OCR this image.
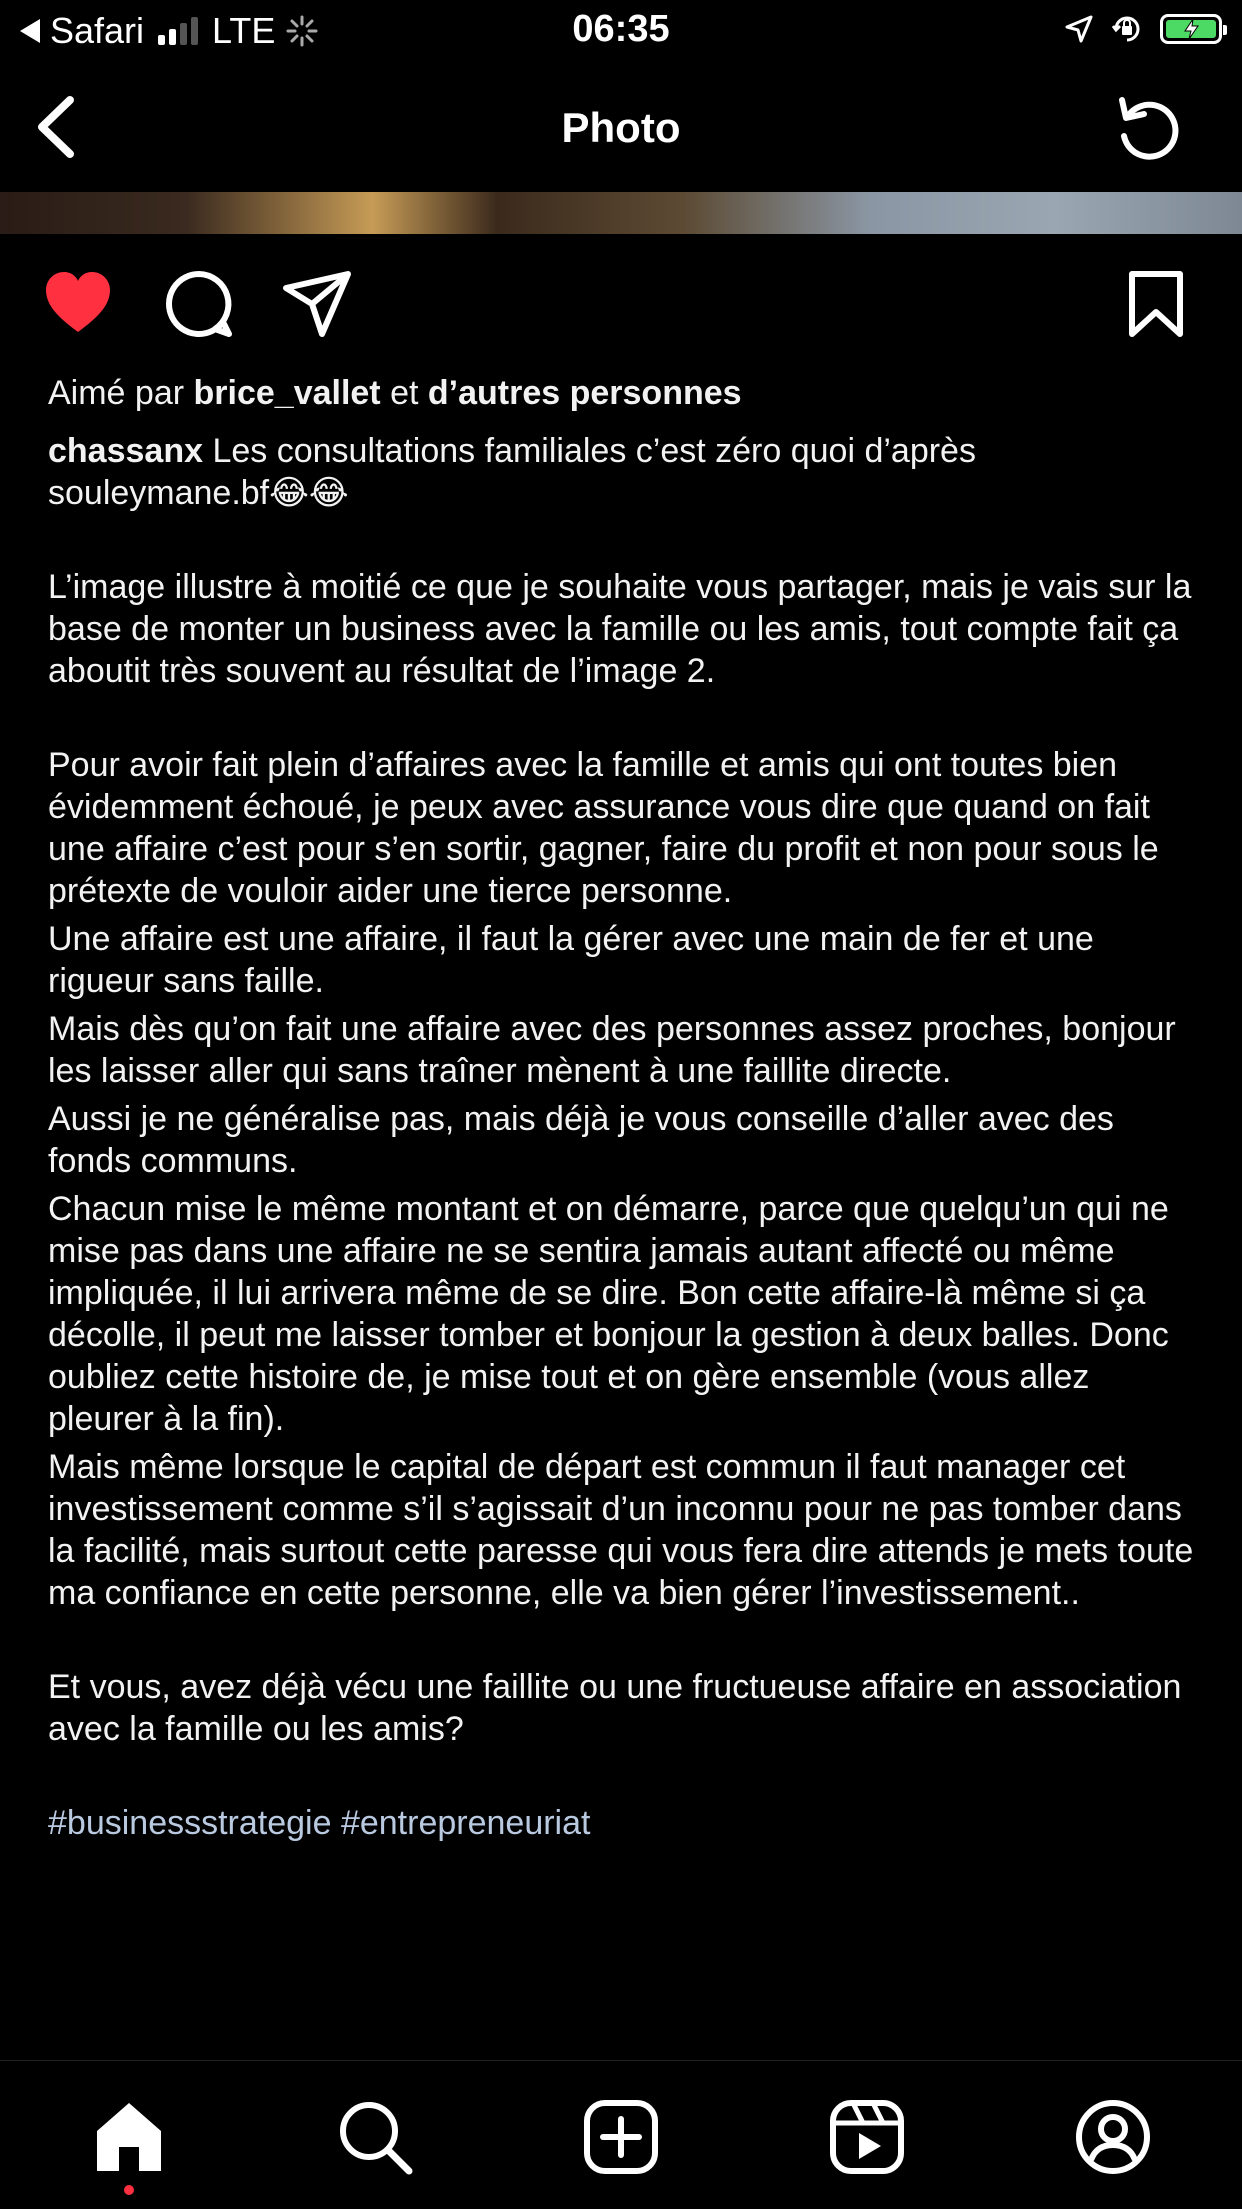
Safari LTE	06:35
Photo

Aimé par brice_vallet et d’autres personnes

chassanx Les consultations familiales c’est zéro quoi d’après souleymane.bf😂😂

L’image illustre à moitié ce que je souhaite vous partager, mais je vais sur la base de monter un business avec la famille ou les amis, tout compte fait ça aboutit très souvent au résultat de l’image 2.

Pour avoir fait plein d’affaires avec la famille et amis qui ont toutes bien évidemment échoué, je peux avec assurance vous dire que quand on fait une affaire c’est pour s’en sortir, gagner, faire du profit et non pour sous le prétexte de vouloir aider une tierce personne.

Une affaire est une affaire, il faut la gérer avec une main de fer et une rigueur sans faille.

Mais dès qu’on fait une affaire avec des personnes assez proches, bonjour les laisser aller qui sans traîner mènent à une faillite directe.

Aussi je ne généralise pas, mais déjà je vous conseille d’aller avec des fonds communs.

Chacun mise le même montant et on démarre, parce que quelqu’un qui ne mise pas dans une affaire ne se sentira jamais autant affecté ou même impliquée, il lui arrivera même de se dire. Bon cette affaire-là même si ça décolle, il peut me laisser tomber et bonjour la gestion à deux balles. Donc oubliez cette histoire de, je mise tout et on gère ensemble (vous allez pleurer à la fin).

Mais même lorsque le capital de départ est commun il faut manager cet investissement comme s’il s’agissait d’un inconnu pour ne pas tomber dans la facilité, mais surtout cette paresse qui vous fera dire attends je mets toute ma confiance en cette personne, elle va bien gérer l’investissement..

Et vous, avez déjà vécu une faillite ou une fructueuse affaire en association avec la famille ou les amis?

#businessstrategie #entrepreneuriat
